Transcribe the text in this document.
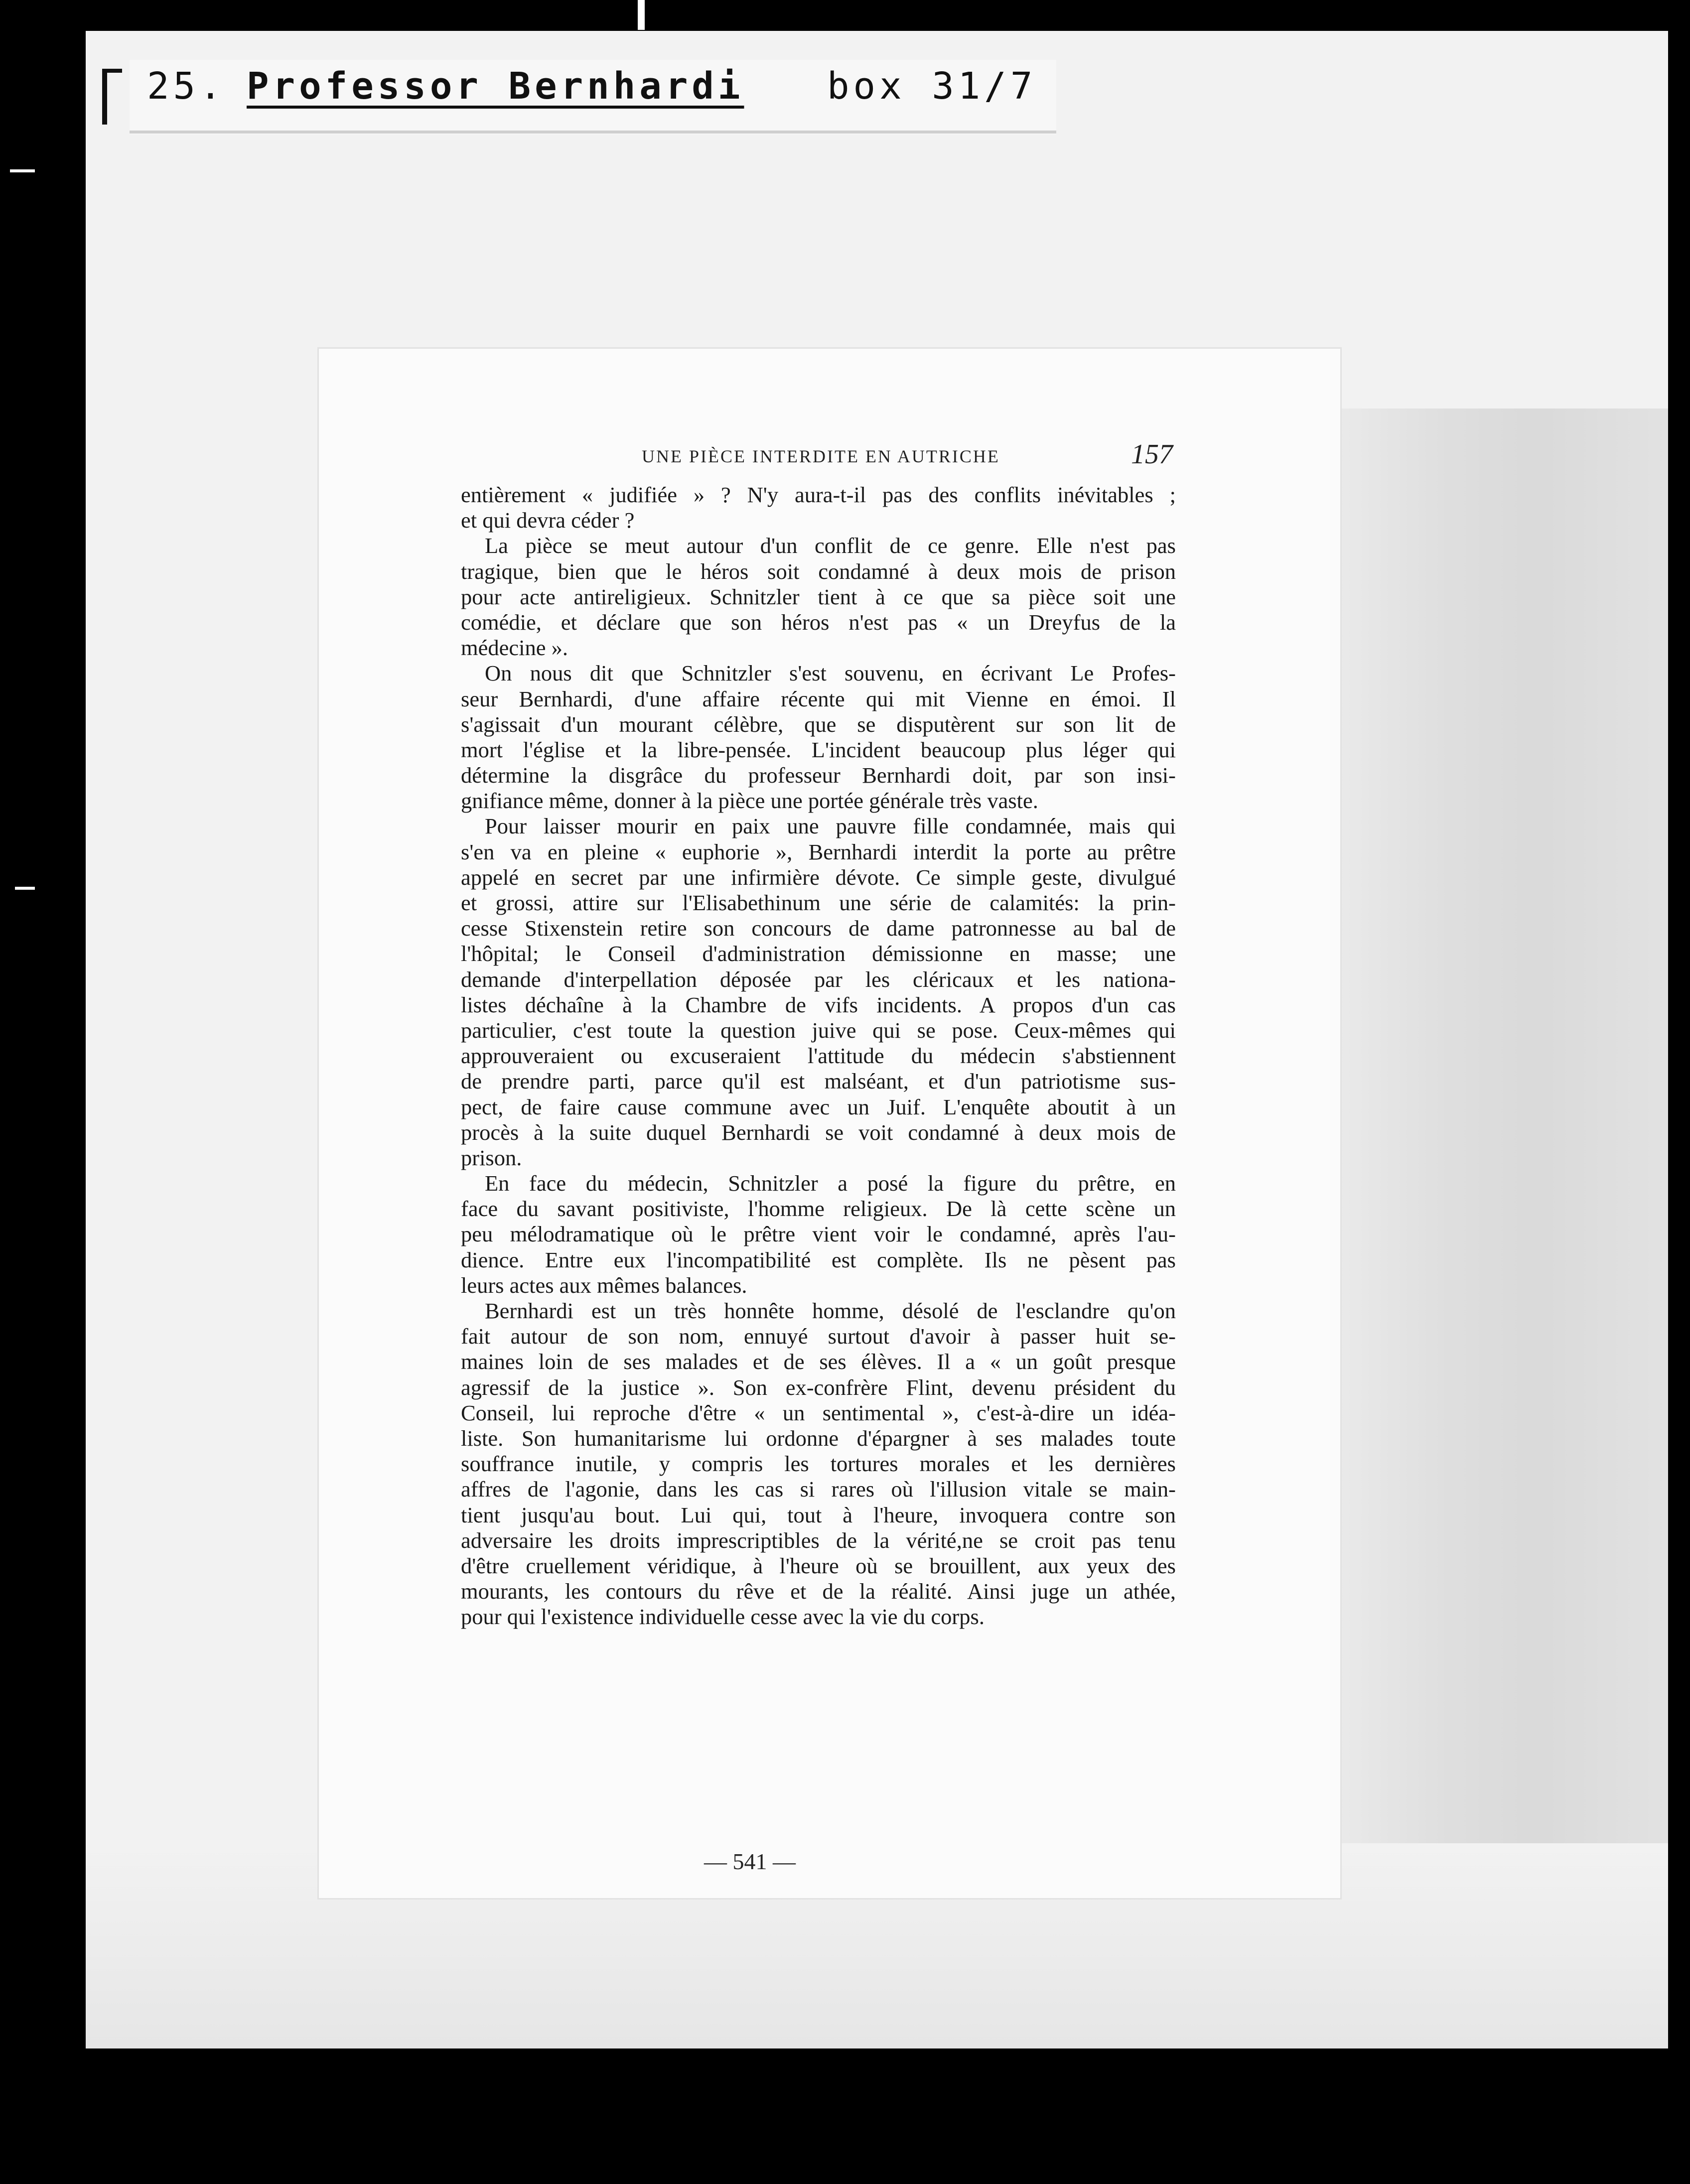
25. Professor Bernhardi box 31/7
UNE PIÈCE INTERDITE EN AUTRICHE	157
entièrement « judifiée » ? N'y aura-t-il pas des conflits inévitables ;
et qui devra céder ?
La pièce se meut autour d'un conflit de ce genre. Elle n'est pas
tragique, bien que le héros soit condamné à deux mois de prison
pour acte antireligieux. Schnitzler tient à ce que sa pièce soit une
comédie, et déclare que son héros n'est pas « un Dreyfus de la
médecine ».
On nous dit que Schnitzler s'est souvenu, en écrivant Le Profes-
seur Bernhardi, d'une affaire récente qui mit Vienne en émoi. Il
s'agissait d'un mourant célèbre, que se disputèrent sur son lit de
mort l'église et la libre-pensée. L'incident beaucoup plus léger qui
détermine la disgrâce du professeur Bernhardi doit, par son insi-
gnifiance même, donner à la pièce une portée générale très vaste.
Pour laisser mourir en paix une pauvre fille condamnée, mais qui
s'en va en pleine « euphorie », Bernhardi interdit la porte au prêtre
appelé en secret par une infirmière dévote. Ce simple geste, divulgué
et grossi, attire sur l'Elisabethinum une série de calamités: la prin-
cesse Stixenstein retire son concours de dame patronnesse au bal de
l'hôpital; le Conseil d'administration démissionne en masse; une
demande d'interpellation déposée par les cléricaux et les nationa-
listes déchaîne à la Chambre de vifs incidents. A propos d'un cas
particulier, c'est toute la question juive qui se pose. Ceux-mêmes qui
approuveraient ou excuseraient l'attitude du médecin s'abstiennent
de prendre parti, parce qu'il est malséant, et d'un patriotisme sus-
pect, de faire cause commune avec un Juif. L'enquête aboutit à un
procès à la suite duquel Bernhardi se voit condamné à deux mois de
prison.
En face du médecin, Schnitzler a posé la figure du prêtre, en
face du savant positiviste, l'homme religieux. De là cette scène un
peu mélodramatique où le prêtre vient voir le condamné, après l'au-
dience. Entre eux l'incompatibilité est complète. Ils ne pèsent pas
leurs actes aux mêmes balances.
Bernhardi est un très honnête homme, désolé de l'esclandre qu'on
fait autour de son nom, ennuyé surtout d'avoir à passer huit se-
maines loin de ses malades et de ses élèves. Il a « un goût presque
agressif de la justice ». Son ex-confrère Flint, devenu président du
Conseil, lui reproche d'être « un sentimental », c'est-à-dire un idéa-
liste. Son humanitarisme lui ordonne d'épargner à ses malades toute
souffrance inutile, y compris les tortures morales et les dernières
affres de l'agonie, dans les cas si rares où l'illusion vitale se main-
tient jusqu'au bout. Lui qui, tout à l'heure, invoquera contre son
adversaire les droits imprescriptibles de la vérité,ne se croit pas tenu
d'être cruellement véridique, à l'heure où se brouillent, aux yeux des
mourants, les contours du rêve et de la réalité. Ainsi juge un athée,
pour qui l'existence individuelle cesse avec la vie du corps.
— 541 —
